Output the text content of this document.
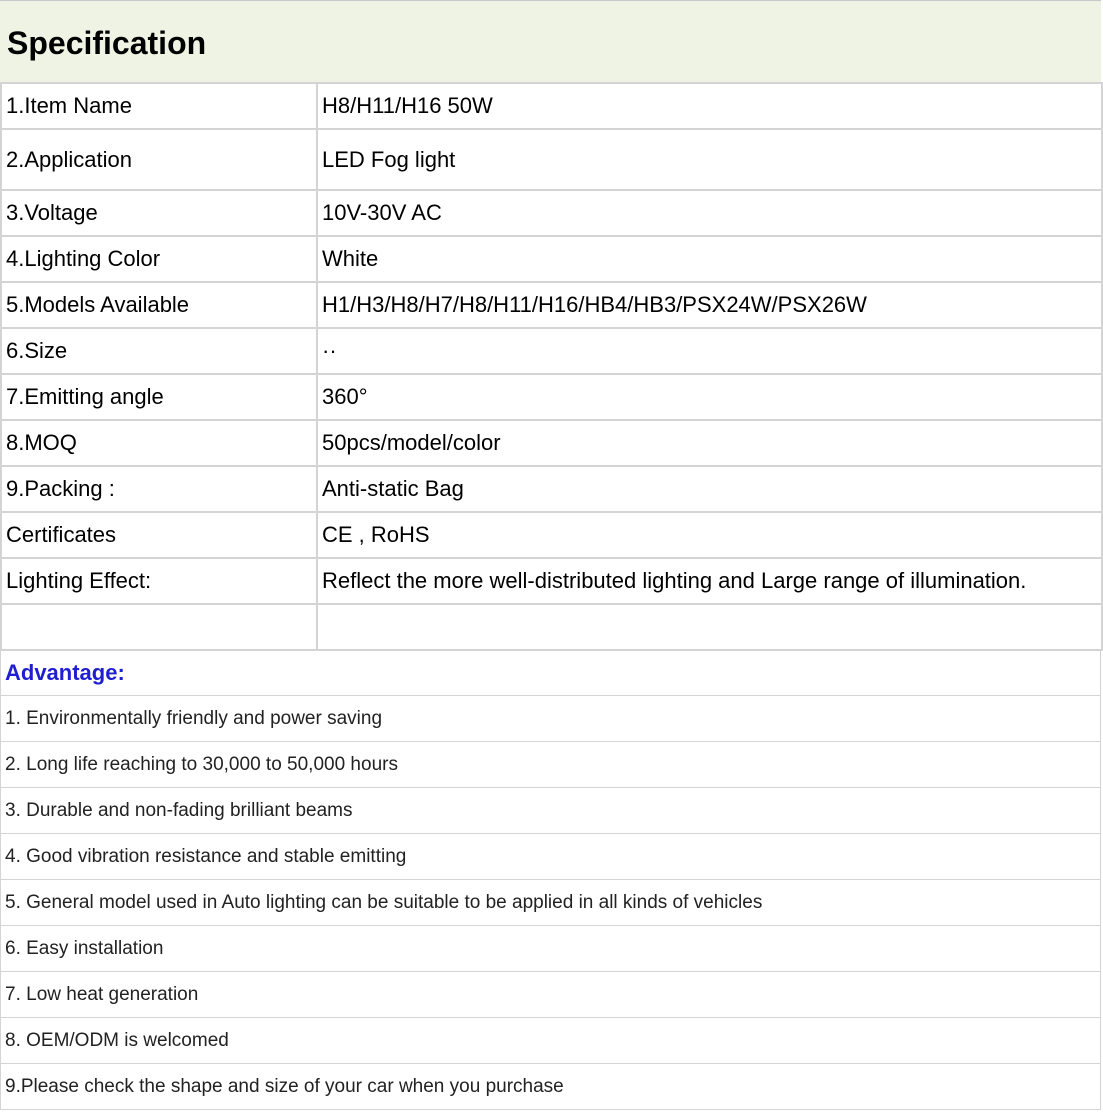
Specification
1.Item Name	H8/H11/H16 50W
2.Application	LED Fog light
3.Voltage	10V-30V AC
4.Lighting Color	White
5.Models Available	H1/H3/H8/H7/H8/H11/H16/HB4/HB3/PSX24W/PSX26W
6.Size	··
7.Emitting angle	360°
8.MOQ	50pcs/model/color
9.Packing :	Anti-static Bag
Certificates	CE , RoHS
Lighting Effect:	Reflect the more well-distributed lighting and Large range of illumination.

Advantage:
1. Environmentally friendly and power saving
2. Long life reaching to 30,000 to 50,000 hours
3. Durable and non-fading brilliant beams
4. Good vibration resistance and stable emitting
5. General model used in Auto lighting can be suitable to be applied in all kinds of vehicles
6. Easy installation
7. Low heat generation
8. OEM/ODM is welcomed
9.Please check the shape and size of your car when you purchase
